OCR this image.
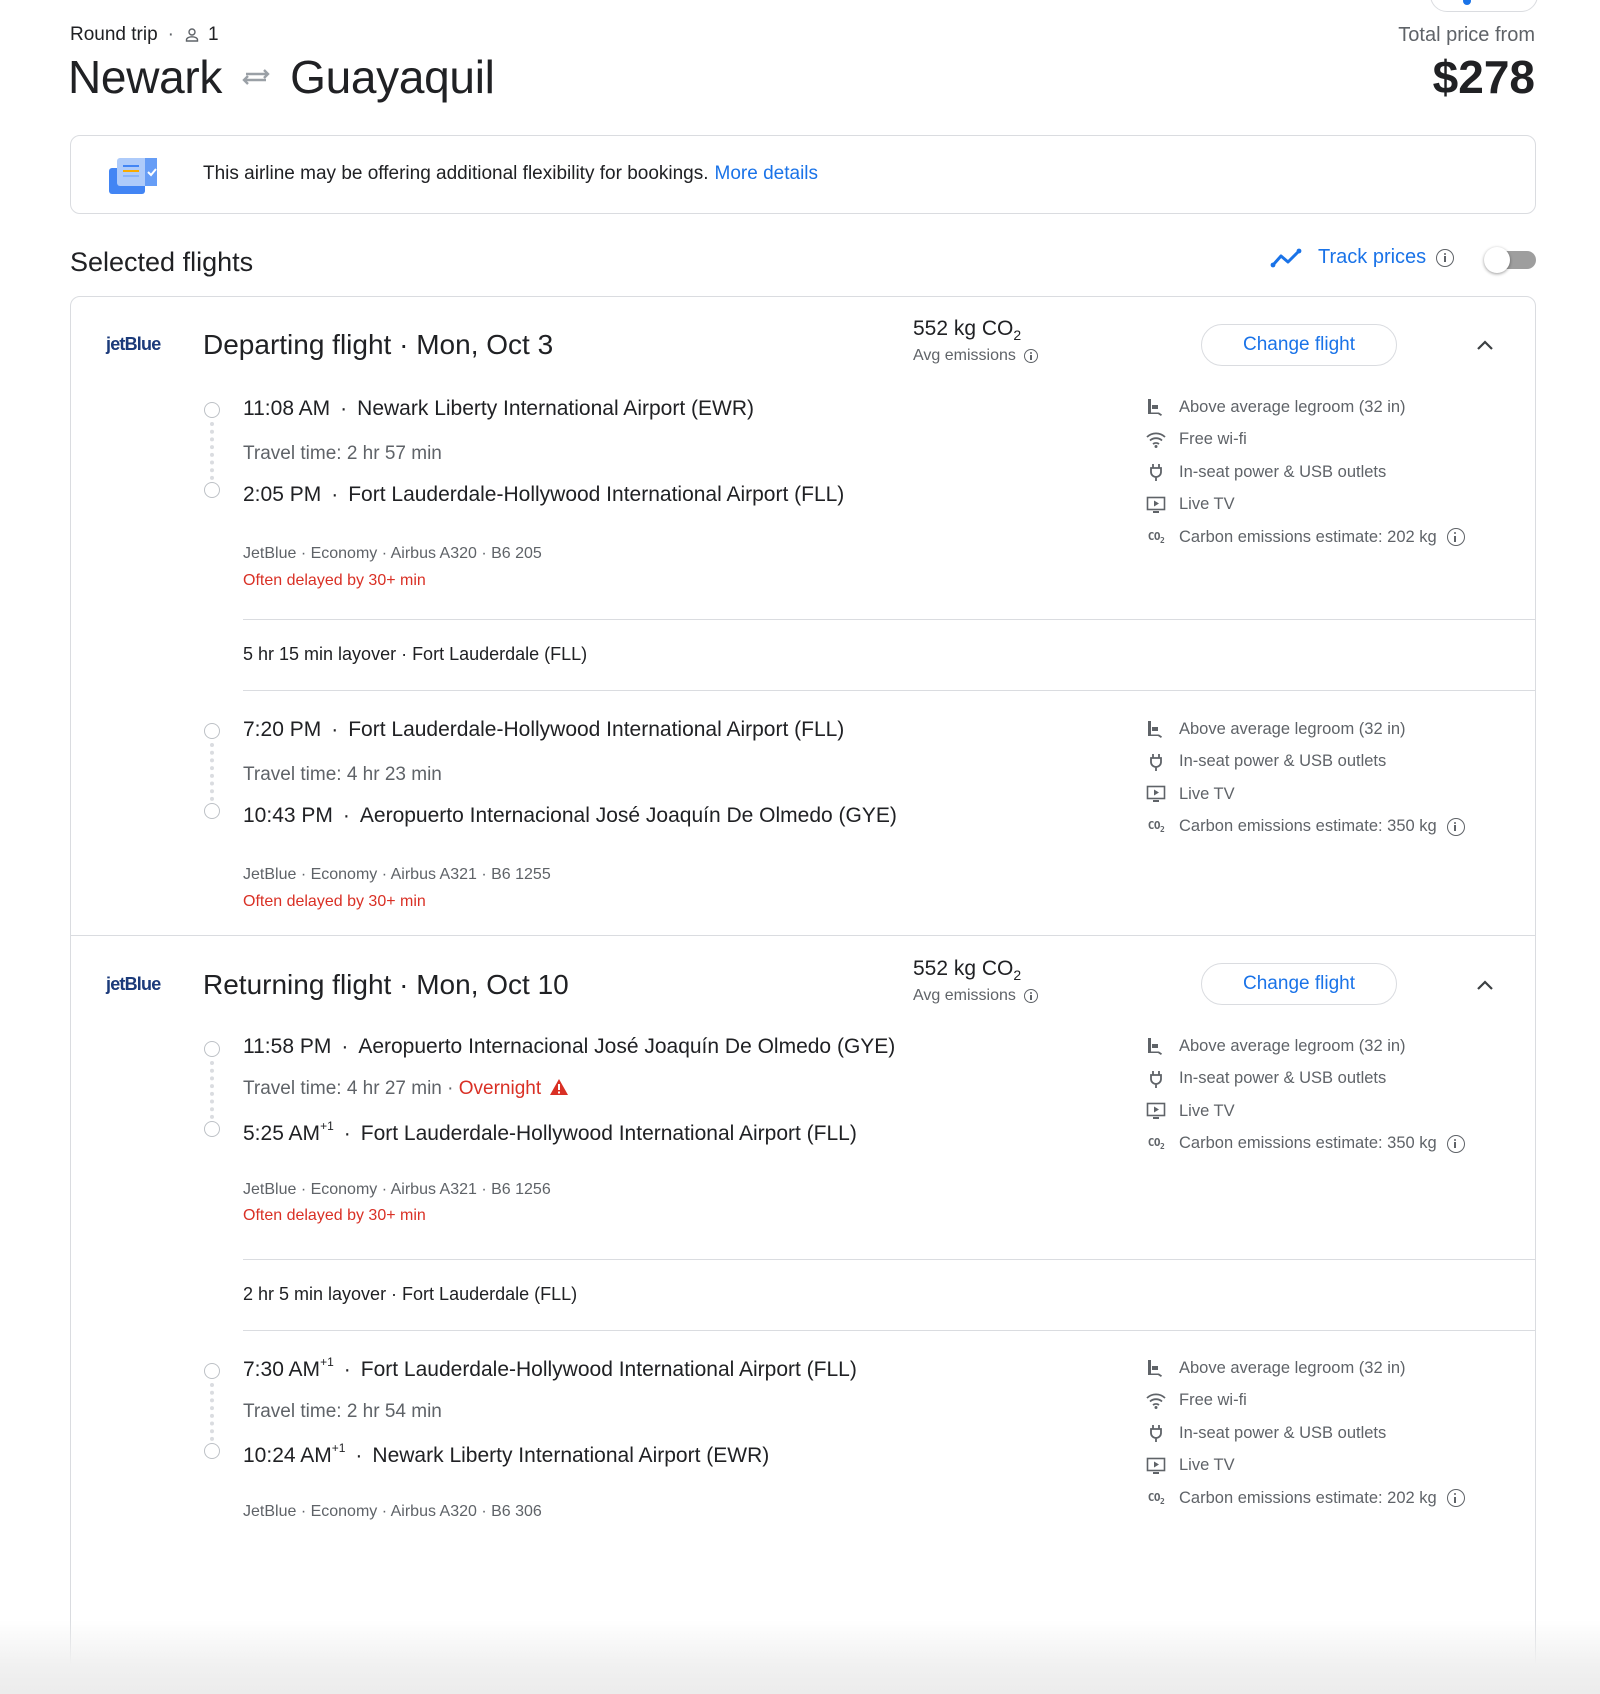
Round trip · 1
Newark Guayaquil
Total price from
$278
This airline may be offering additional flexibility for bookings. More details
Selected flights	Track prices
jetBlue Departing flight · Mon, Oct 3
552 kg $CO_2$
Avg emissions
Change flight
11:08 AM · Newark Liberty International Airport (EWR)
Travel time: 2 hr 57 min
2:05 PM · Fort Lauderdale-Hollywood International Airport (FLL)
JetBlue · Economy · Airbus A320 · B6 205
Often delayed by 30+ min
Above average legroom (32 in)
Free wi-fi
In-seat power & USB outlets
Live TV
$CO_2$ Carbon emissions estimate: 202 kg
5 hr 15 min layover · Fort Lauderdale (FLL)
7:20 PM · Fort Lauderdale-Hollywood International Airport (FLL)
Travel time: 4 hr 23 min
10:43 PM · Aeropuerto Internacional José Joaquín De Olmedo (GYE)
JetBlue · Economy · Airbus A321 · B6 1255
Often delayed by 30+ min
Above average legroom (32 in)
In-seat power & USB outlets
Live TV
$CO_2$ Carbon emissions estimate: 350 kg
jetBlue Returning flight · Mon, Oct 10
552 kg $CO_2$
Avg emissions
Change flight
11:58 PM · Aeropuerto Internacional José Joaquín De Olmedo (GYE)
Travel time: 4 hr 27 min · Overnight
5:25 $AM^{+1}$ · Fort Lauderdale-Hollywood International Airport (FLL)
JetBlue · Economy · Airbus A321 · B6 1256
Often delayed by 30+ min
Above average legroom (32 in)
In-seat power & USB outlets
Live TV
$CO_2$ Carbon emissions estimate: 350 kg
2 hr 5 min layover · Fort Lauderdale (FLL)
7:30 $AM^{+1}$ · Fort Lauderdale-Hollywood International Airport (FLL)
Travel time: 2 hr 54 min
10:24 $AM^{+1}$ · Newark Liberty International Airport (EWR)
JetBlue · Economy · Airbus A320 · B6 306
Above average legroom (32 in)
Free wi-fi
In-seat power & USB outlets
Live TV
$CO_2$ Carbon emissions estimate: 202 kg
